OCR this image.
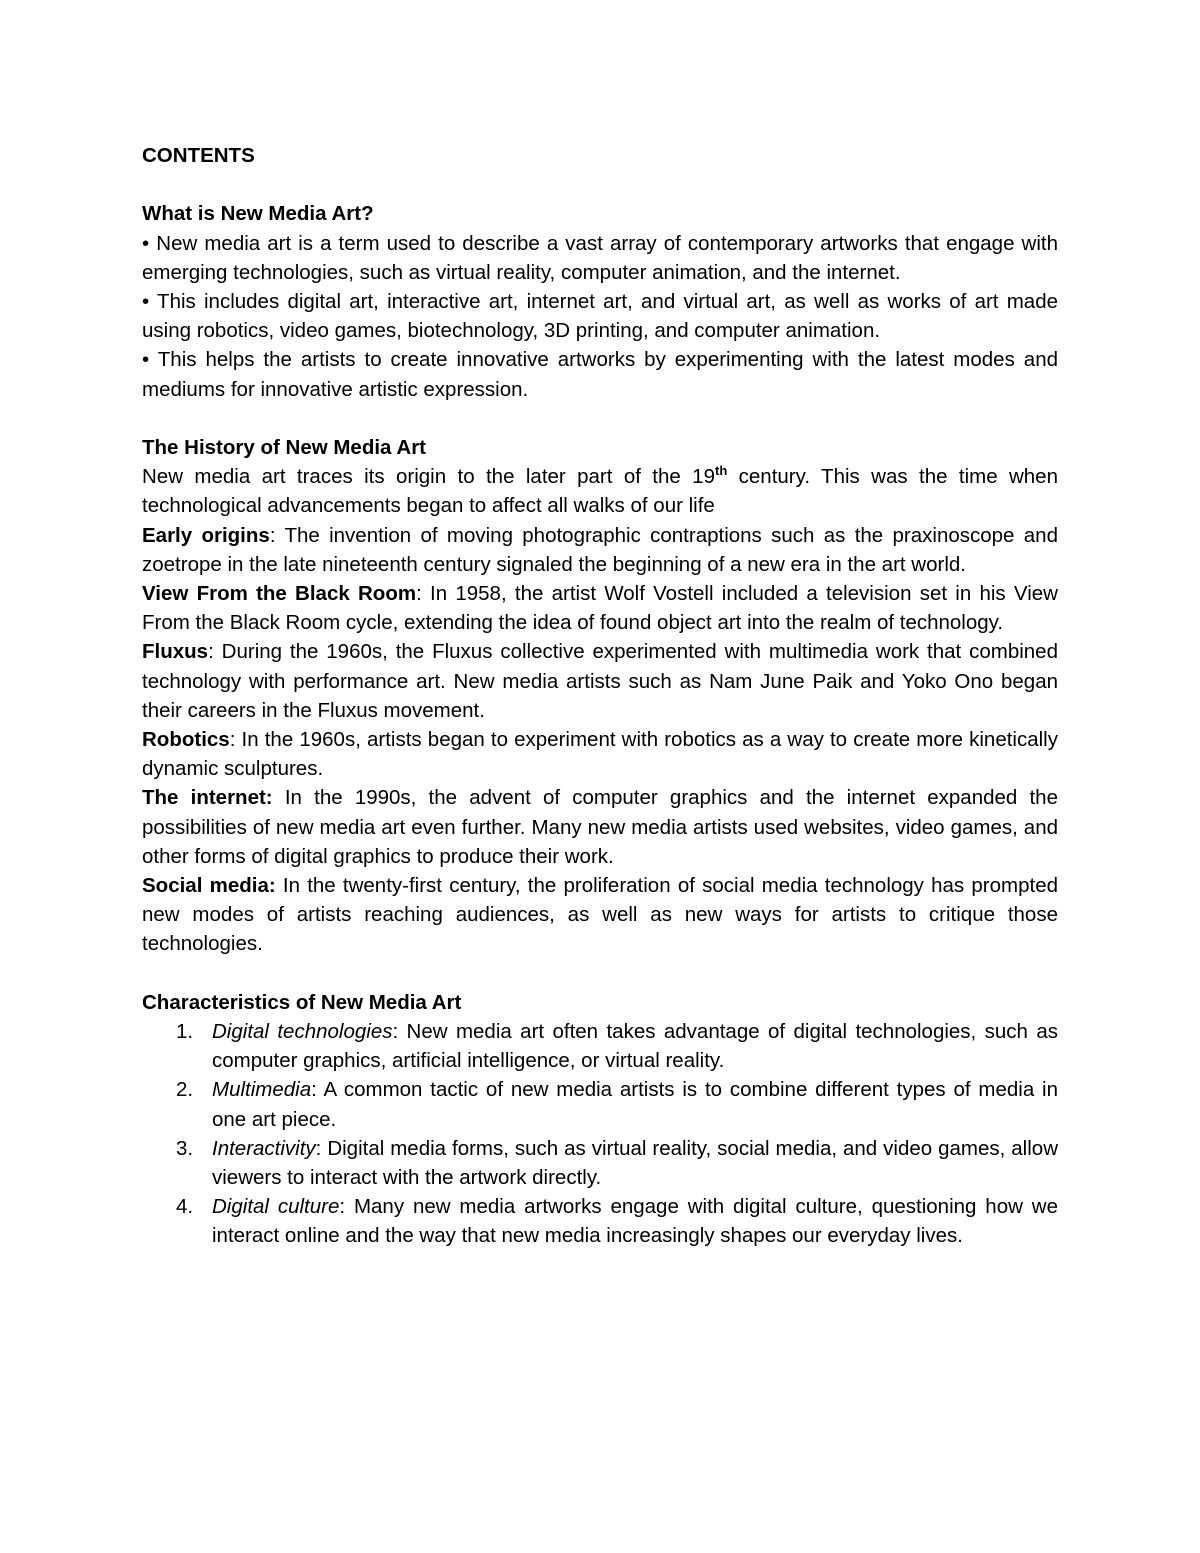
CONTENTS
What is New Media Art?

• New media art is a term used to describe a vast array of contemporary artworks that engage with emerging technologies, such as virtual reality, computer animation, and the internet.

• This includes digital art, interactive art, internet art, and virtual art, as well as works of art made using robotics, video games, biotechnology, 3D printing, and computer animation.

• This helps the artists to create innovative artworks by experimenting with the latest modes and mediums for innovative artistic expression.

The History of New Media Art

New media art traces its origin to the later part of the 19th century. This was the time when technological advancements began to affect all walks of our life

Early origins: The invention of moving photographic contraptions such as the praxinoscope and zoetrope in the late nineteenth century signaled the beginning of a new era in the art world.

View From the Black Room: In 1958, the artist Wolf Vostell included a television set in his View From the Black Room cycle, extending the idea of found object art into the realm of technology.

Fluxus: During the 1960s, the Fluxus collective experimented with multimedia work that combined technology with performance art. New media artists such as Nam June Paik and Yoko Ono began their careers in the Fluxus movement.

Robotics: In the 1960s, artists began to experiment with robotics as a way to create more kinetically dynamic sculptures.

The internet: In the 1990s, the advent of computer graphics and the internet expanded the possibilities of new media art even further. Many new media artists used websites, video games, and other forms of digital graphics to produce their work.

Social media: In the twenty-first century, the proliferation of social media technology has prompted new modes of artists reaching audiences, as well as new ways for artists to critique those technologies.

Characteristics of New Media Art
1. Digital technologies: New media art often takes advantage of digital technologies, such as computer graphics, artificial intelligence, or virtual reality.
2. Multimedia: A common tactic of new media artists is to combine different types of media in one art piece.
3. Interactivity: Digital media forms, such as virtual reality, social media, and video games, allow viewers to interact with the artwork directly.
4. Digital culture: Many new media artworks engage with digital culture, questioning how we interact online and the way that new media increasingly shapes our everyday lives.
